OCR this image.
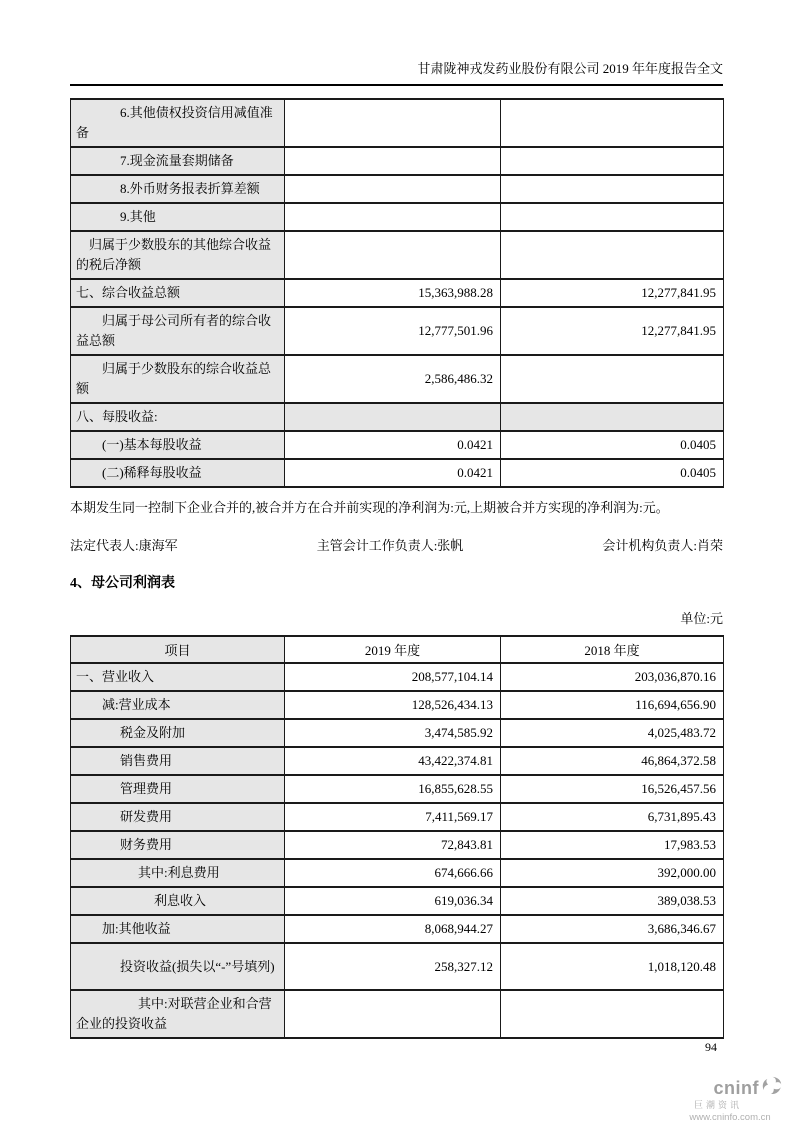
甘肃陇神戎发药业股份有限公司 2019 年年度报告全文
6.其他债权投资信用减值准备		
7.现金流量套期储备		
8.外币财务报表折算差额		
9.其他		
归属于少数股东的其他综合收益的税后净额		
七、综合收益总额	15,363,988.28	12,277,841.95
归属于母公司所有者的综合收益总额	12,777,501.96	12,277,841.95
归属于少数股东的综合收益总额	2,586,486.32	
八、每股收益:		
(一)基本每股收益	0.0421	0.0405
(二)稀释每股收益	0.0421	0.0405

本期发生同一控制下企业合并的,被合并方在合并前实现的净利润为:元,上期被合并方实现的净利润为:元。

法定代表人:康海军	主管会计工作负责人:张帆	会计机构负责人:肖荣
4、母公司利润表
单位:元
项目	2019 年度	2018 年度
一、营业收入	208,577,104.14	203,036,870.16
减:营业成本	128,526,434.13	116,694,656.90
税金及附加	3,474,585.92	4,025,483.72
销售费用	43,422,374.81	46,864,372.58
管理费用	16,855,628.55	16,526,457.56
研发费用	7,411,569.17	6,731,895.43
财务费用	72,843.81	17,983.53
其中:利息费用	674,666.66	392,000.00
利息收入	619,036.34	389,038.53
加:其他收益	8,068,944.27	3,686,346.67
投资收益(损失以“-”号填列)	258,327.12	1,018,120.48
其中:对联营企业和合营企业的投资收益		
94
cninf
巨潮资讯
www.cninfo.com.cn
